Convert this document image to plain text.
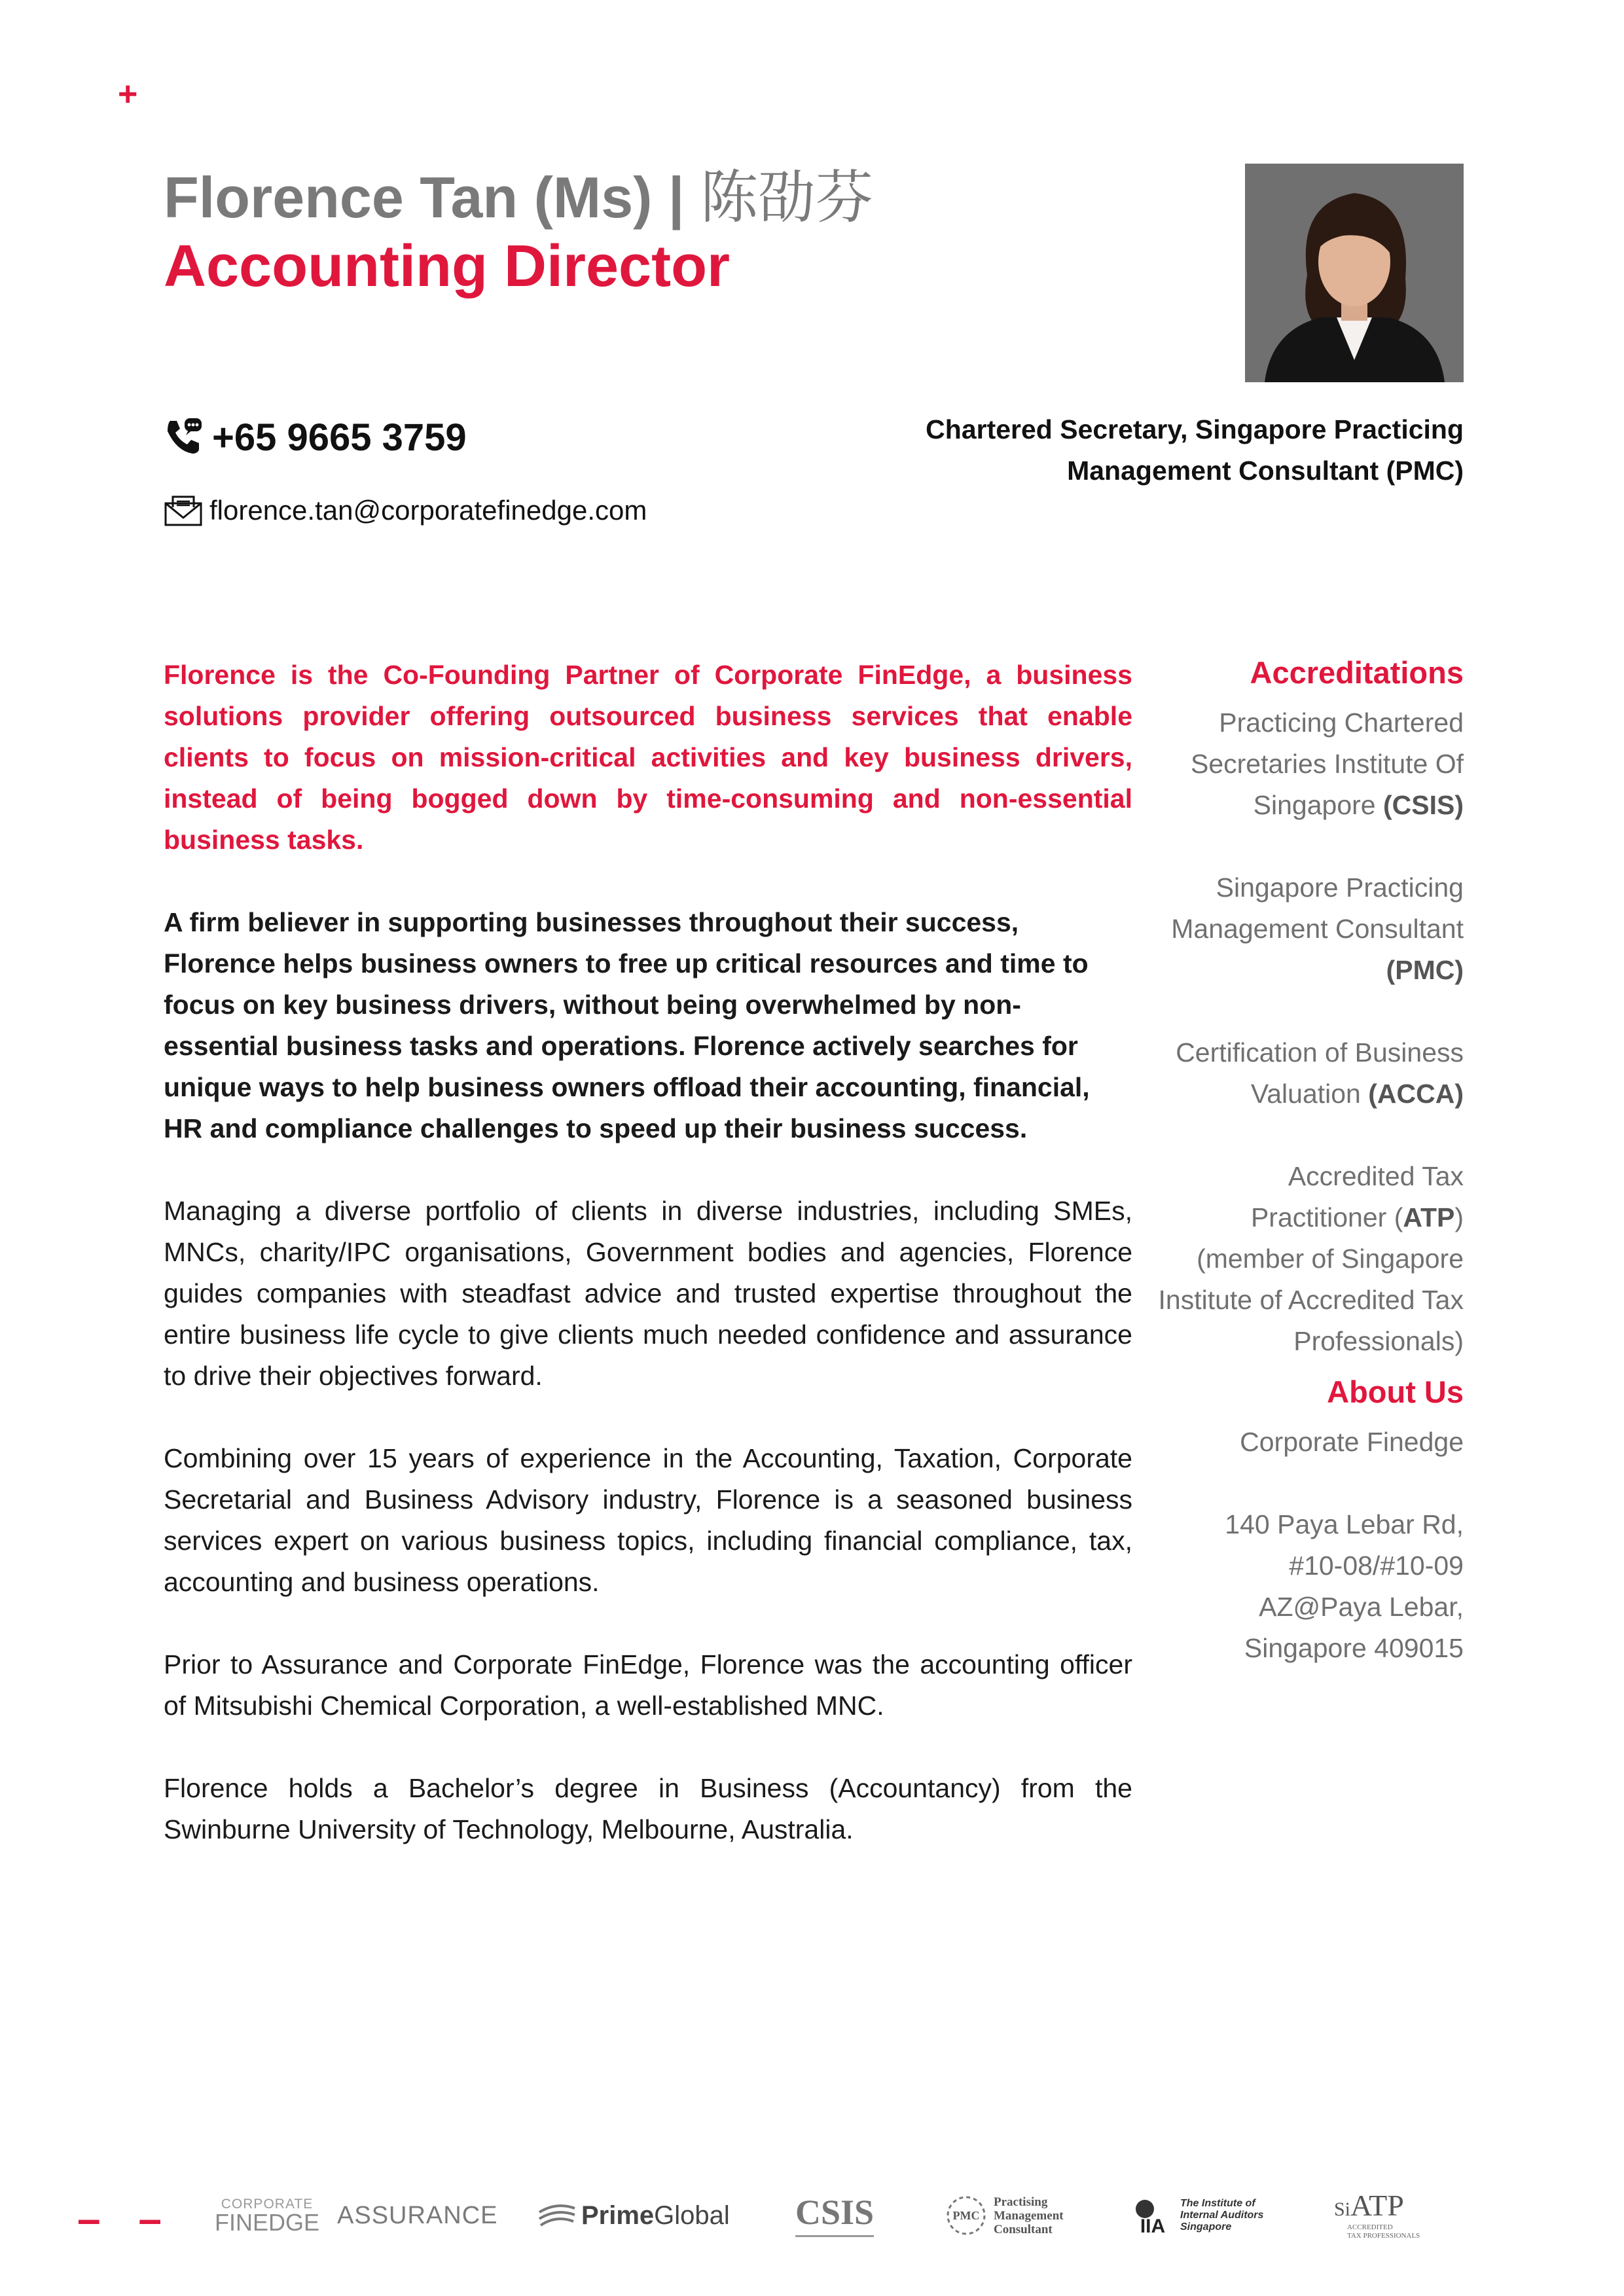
+
Florence Tan (Ms) | 陈劭芬
Accounting Director
+65 9665 3759
florence.tan@corporatefinedge.com
Chartered Secretary, Singapore Practicing Management Consultant (PMC)

Florence is the Co-Founding Partner of Corporate FinEdge, a business solutions provider offering outsourced business services that enable clients to focus on mission-critical activities and key business drivers, instead of being bogged down by time-consuming and non-essential business tasks.

A firm believer in supporting businesses throughout their success, Florence helps business owners to free up critical resources and time to focus on key business drivers, without being overwhelmed by non-essential business tasks and operations. Florence actively searches for unique ways to help business owners offload their accounting, financial, HR and compliance challenges to speed up their business success.

Managing a diverse portfolio of clients in diverse industries, including SMEs, MNCs, charity/IPC organisations, Government bodies and agencies, Florence guides companies with steadfast advice and trusted expertise throughout the entire business life cycle to give clients much needed confidence and assurance to drive their objectives forward.

Combining over 15 years of experience in the Accounting, Taxation, Corporate Secretarial and Business Advisory industry, Florence is a seasoned business services expert on various business topics, including financial compliance, tax, accounting and business operations.

Prior to Assurance and Corporate FinEdge, Florence was the accounting officer of Mitsubishi Chemical Corporation, a well-established MNC.

Florence holds a Bachelor’s degree in Business (Accountancy) from the Swinburne University of Technology, Melbourne, Australia.

Accreditations
Practicing Chartered Secretaries Institute Of Singapore (CSIS)
Singapore Practicing Management Consultant (PMC)
Certification of Business Valuation (ACCA)
Accredited Tax Practitioner (ATP) (member of Singapore Institute of Accredited Tax Professionals)
About Us
Corporate Finedge
140 Paya Lebar Rd,
#10-08/#10-09
AZ@Paya Lebar,
Singapore 409015
– –	CORPORATE
FINEDGE ASSURANCE	Prime Global CSIS	PMC
Practising
Management
Consultant	IIA
The Institute of
Internal Auditors
Singapore
SiATP
ACCREDITED
TAX PROFESSIONALS
